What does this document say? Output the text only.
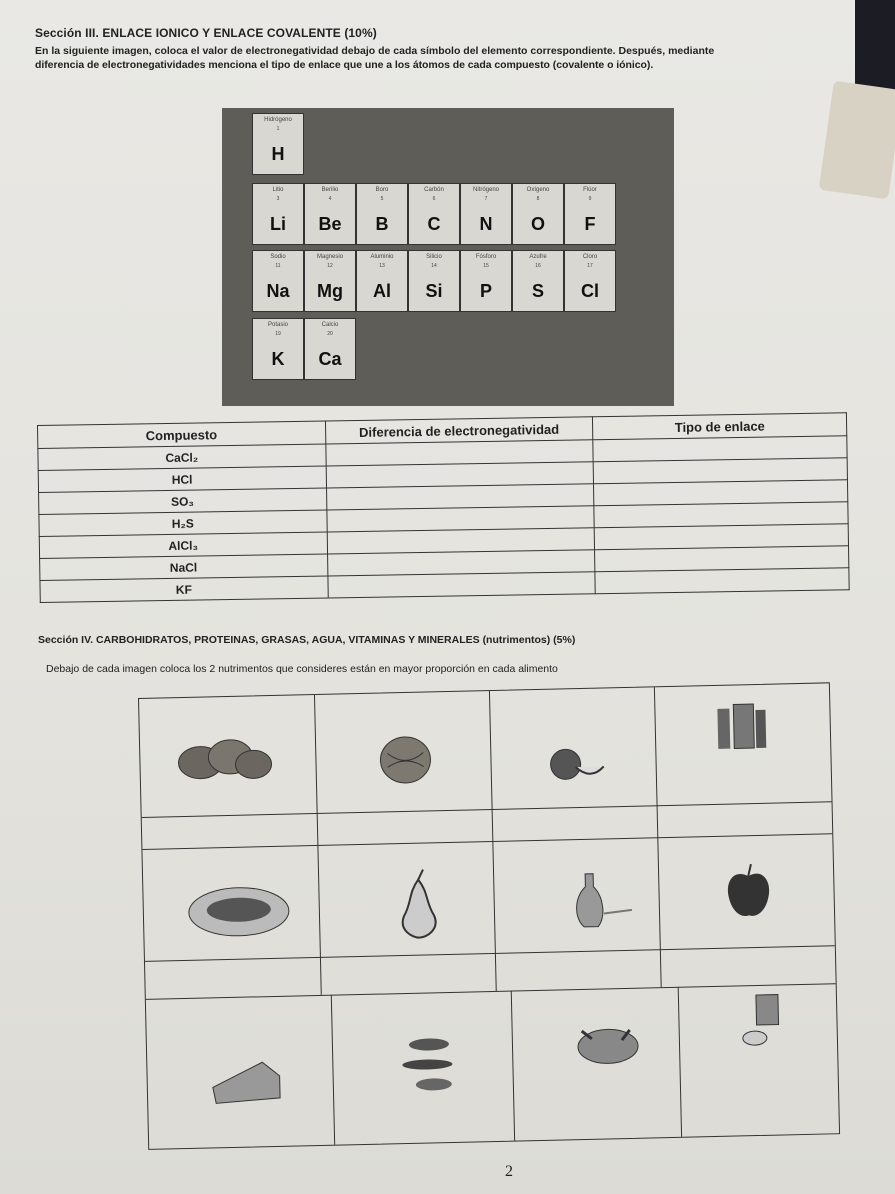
Sección III. ENLACE IONICO Y ENLACE COVALENTE (10%)
En la siguiente imagen, coloca el valor de electronegatividad debajo de cada símbolo del elemento correspondiente. Después, mediante
diferencia de electronegatividades menciona el tipo de enlace que une a los átomos de cada compuesto (covalente o iónico).
Hidrógeno
1
H
Litio
3
Li
Berilio
4
Be
Boro
5
B
Carbón
6
C
Nitrógeno
7
N
Oxígeno
8
O
Flúor
9
F
Sodio
11
Na
Magnesio
12
Mg
Aluminio
13
Al
Silicio
14
Si
Fósforo
15
P
Azufre
16
S
Cloro
17
Cl
Potasio
19
K
Calcio
20
Ca
Compuesto	Diferencia de electronegatividad	Tipo de enlace
CaCl₂		
HCl		
SO₃		
H₂S		
AlCl₃		
NaCl		
KF		
Sección IV. CARBOHIDRATOS, PROTEINAS, GRASAS, AGUA, VITAMINAS Y MINERALES (nutrimentos) (5%)
Debajo de cada imagen coloca los 2 nutrimentos que consideres están en mayor proporción en cada alimento
2
